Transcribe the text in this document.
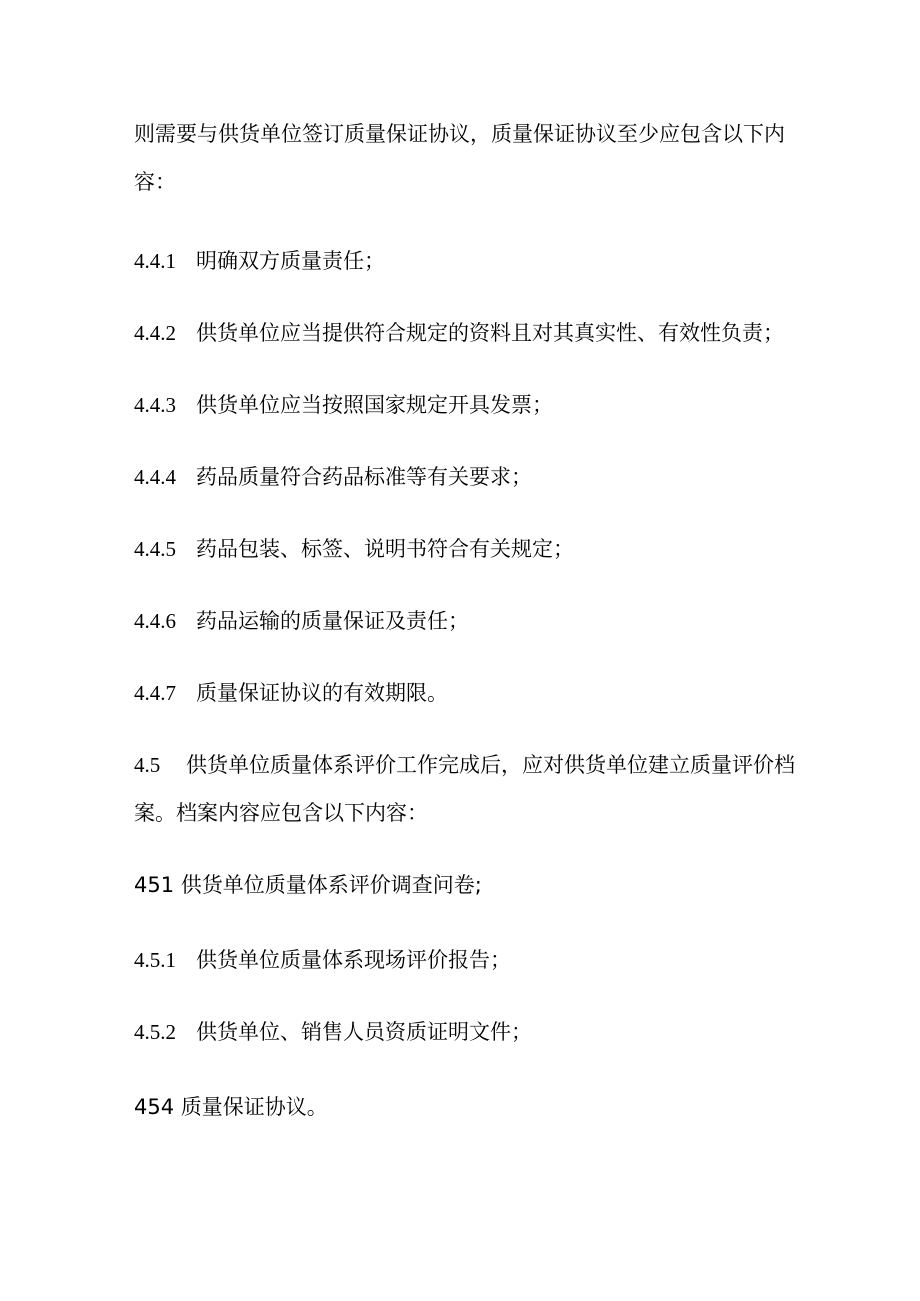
则需要与供货单位签订质量保证协议，质量保证协议至少应包含以下内

容：

4.4.1 明确双方质量责任；

4.4.2 供货单位应当提供符合规定的资料且对其真实性、有效性负责；

4.4.3 供货单位应当按照国家规定开具发票；

4.4.4 药品质量符合药品标准等有关要求；

4.4.5 药品包装、标签、说明书符合有关规定；

4.4.6 药品运输的质量保证及责任；

4.4.7 质量保证协议的有效期限。

4.5 供货单位质量体系评价工作完成后，应对供货单位建立质量评价档

案。档案内容应包含以下内容：

451 供货单位质量体系评价调查问卷;

4.5.1 供货单位质量体系现场评价报告；

4.5.2 供货单位、销售人员资质证明文件；

454 质量保证协议。
